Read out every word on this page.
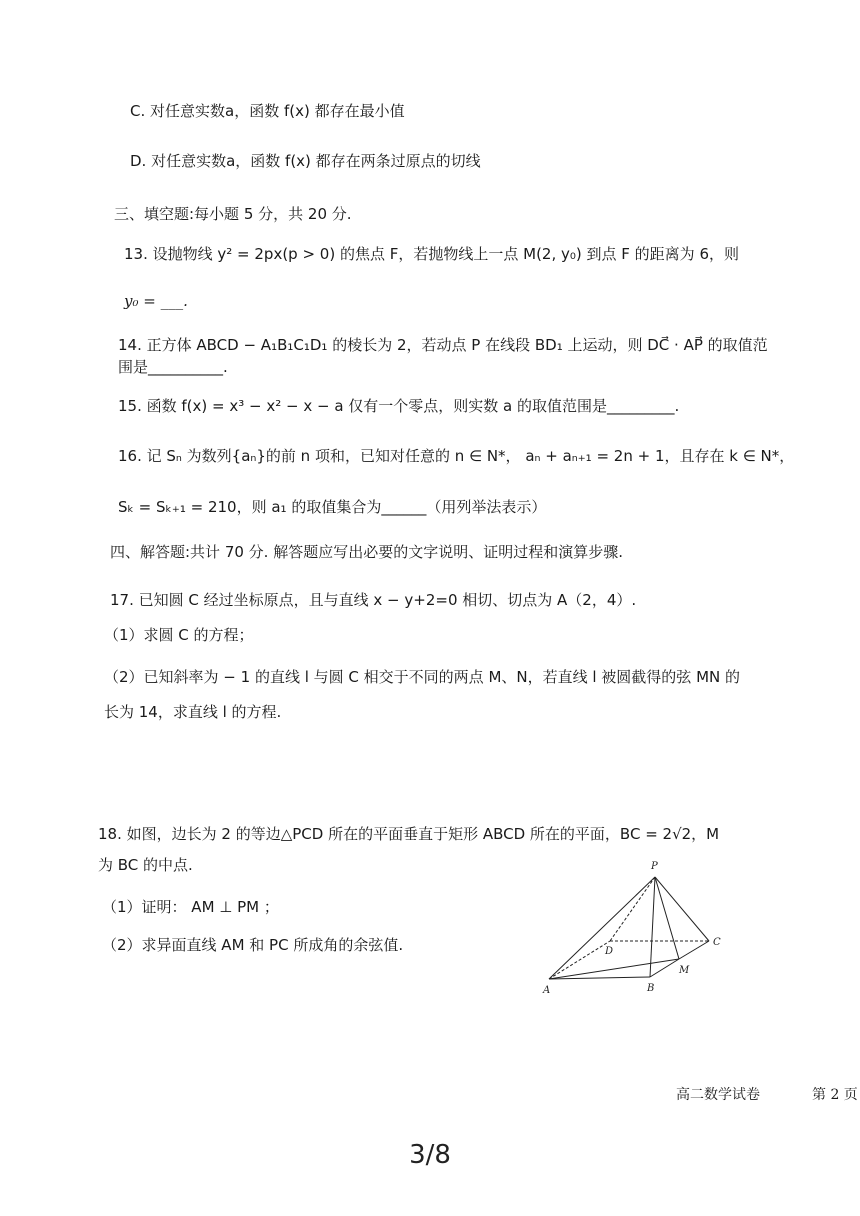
C. 对任意实数a，函数 f(x) 都存在最小值
D. 对任意实数a，函数 f(x) 都存在两条过原点的切线
三、填空题:每小题 5 分，共 20 分.
13. 设抛物线 y² = 2px(p > 0) 的焦点 F，若抛物线上一点 M(2, y₀) 到点 F 的距离为 6，则
y₀ = ___.
14. 正方体 ABCD − A₁B₁C₁D₁ 的棱长为 2，若动点 P 在线段 BD₁ 上运动，则 DC⃗ · AP⃗ 的取值范
围是__________.
15. 函数 f(x) = x³ − x² − x − a 仅有一个零点，则实数 a 的取值范围是_________.
16. 记 Sₙ 为数列{aₙ}的前 n 项和，已知对任意的 n ∈ N*， aₙ + aₙ₊₁ = 2n + 1，且存在 k ∈ N*，
Sₖ = Sₖ₊₁ = 210，则 a₁ 的取值集合为______（用列举法表示）
四、解答题:共计 70 分. 解答题应写出必要的文字说明、证明过程和演算步骤.
17. 已知圆 C 经过坐标原点，且与直线 x − y+2=0 相切、切点为 A（2，4）.
（1）求圆 C 的方程；
（2）已知斜率为 − 1 的直线 l 与圆 C 相交于不同的两点 M、N，若直线 l 被圆截得的弦 MN 的
长为 14，求直线 l 的方程.
18. 如图，边长为 2 的等边△PCD 所在的平面垂直于矩形 ABCD 所在的平面，BC = 2√2，M
为 BC 的中点.
（1）证明： AM ⊥ PM ；
（2）求异面直线 AM 和 PC 所成角的余弦值.
P
A	B
C
D
M
高二数学试卷	第 2 页
3/8
